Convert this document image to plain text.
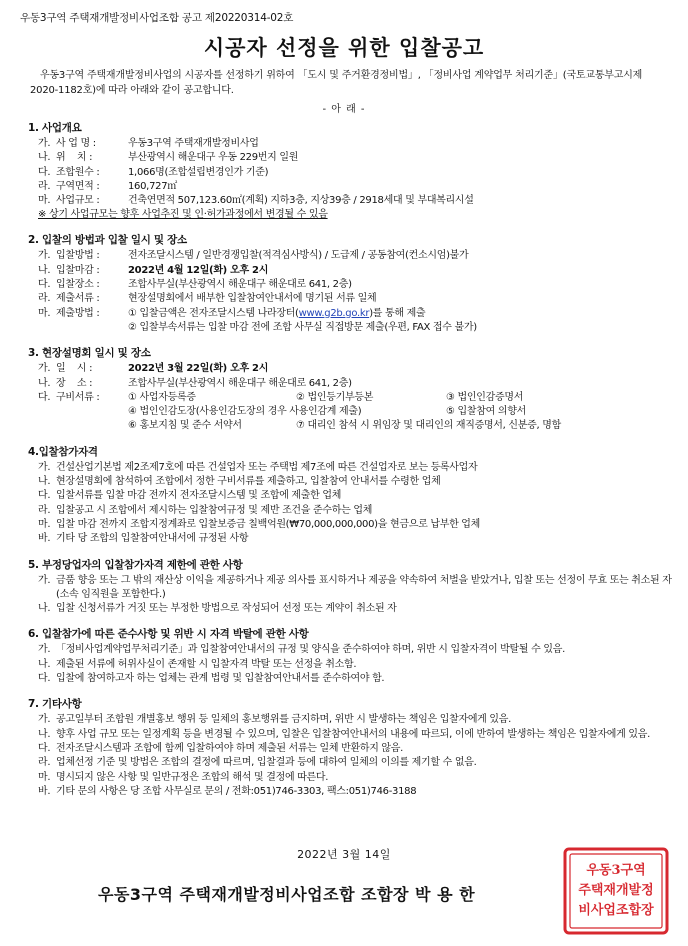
우동3구역 주택재개발정비사업조합 공고 제20220314-02호
시공자 선정을 위한 입찰공고
우동3구역 주택재개발정비사업의 시공자를 선정하기 위하여 「도시 및 주거환경정비법」, 「정비사업 계약업무 처리기준」(국토교통부고시제2020-1182호)에 따라 아래와 같이 공고합니다.
- 아 래 -
1. 사업개요
가. 사 업 명 :	우동3구역 주택재개발정비사업
나. 위    치 :	부산광역시 해운대구 우동 229번지 일원
다. 조합원수 :	1,066명(조합설립변경인가 기준)
라. 구역면적 :	160,727㎡
마. 사업규모 :	건축연면적 507,123.60㎡(계획) 지하3층, 지상39층 / 2918세대 및 부대복리시설
※ 상기 사업규모는 향후 사업추진 및 인·허가과정에서 변경될 수 있음
2. 입찰의 방법과 입찰 일시 및 장소
가. 입찰방법 :	전자조달시스템 / 일반경쟁입찰(적격심사방식) / 도급제 / 공동참여(컨소시엄)불가
나. 입찰마감 :	2022년 4월 12일(화) 오후 2시
다. 입찰장소 :	조합사무실(부산광역시 해운대구 해운대로 641, 2층)
라. 제출서류 :	현장설명회에서 배부한 입찰참여안내서에 명기된 서류 일체
마. 제출방법 :	① 입찰금액은 전자조달시스템 나라장터(www.g2b.go.kr)를 통해 제출
② 입찰부속서류는 입찰 마감 전에 조합 사무실 직접방문 제출(우편, FAX 접수 불가)
3. 현장설명회 일시 및 장소
가. 일    시 :	2022년 3월 22일(화) 오후 2시
나. 장    소 :	조합사무실(부산광역시 해운대구 해운대로 641, 2층)
다. 구비서류 :	① 사업자등록증	② 법인등기부등본	③ 법인인감증명서
④ 법인인감도장(사용인감도장의 경우 사용인감계 제출)	⑤ 입찰참여 의향서
⑥ 홍보지침 및 준수 서약서	⑦ 대리인 참석 시 위임장 및 대리인의 재직증명서, 신분증, 명함
4.입찰참가자격
가. 건설산업기본법 제2조제7호에 따른 건설업자 또는 주택법 제7조에 따른 건설업자로 보는 등록사업자
나. 현장설명회에 참석하여 조합에서 정한 구비서류를 제출하고, 입찰참여 안내서를 수령한 업체
다. 입찰서류를 입찰 마감 전까지 전자조달시스템 및 조합에 제출한 업체
라. 입찰공고 시 조합에서 제시하는 입찰참여규정 및 제반 조건을 준수하는 업체
마. 입찰 마감 전까지 조합지정계좌로 입찰보증금 칠백억원(₩70,000,000,000)을 현금으로 납부한 업체
바. 기타 당 조합의 입찰참여안내서에 규정된 사항
5. 부정당업자의 입찰참가자격 제한에 관한 사항
가. 금품 향응 또는 그 밖의 재산상 이익을 제공하거나 제공 의사를 표시하거나 제공을 약속하여 처벌을 받았거나, 입찰 또는 선정이 무효 또는 취소된 자(소속 임직원을 포함한다.)
나. 입찰 신청서류가 거짓 또는 부정한 방법으로 작성되어 선정 또는 계약이 취소된 자
6. 입찰참가에 따른 준수사항 및 위반 시 자격 박탈에 관한 사항
가. 「정비사업계약업무처리기준」과 입찰참여안내서의 규정 및 양식을 준수하여야 하며, 위반 시 입찰자격이 박탈될 수 있음.
나. 제출된 서류에 허위사실이 존재할 시 입찰자격 박탈 또는 선정을 취소함.
다. 입찰에 참여하고자 하는 업체는 관계 법령 및 입찰참여안내서를 준수하여야 함.
7. 기타사항
가. 공고일부터 조합원 개별홍보 행위 등 일체의 홍보행위를 금지하며, 위반 시 발생하는 책임은 입찰자에게 있음.
나. 향후 사업 규모 또는 일정계획 등을 변경될 수 있으며, 입찰은 입찰참여안내서의 내용에 따르되, 이에 반하여 발생하는 책임은 입찰자에게 있음.
다. 전자조달시스템과 조합에 함께 입찰하여야 하며 제출된 서류는 일체 반환하지 않음.
라. 업체선정 기준 및 방법은 조합의 결정에 따르며, 입찰결과 등에 대하여 일체의 이의를 제기할 수 없음.
마. 명시되지 않은 사항 및 일반규정은 조합의 해석 및 결정에 따른다.
바. 기타 문의 사항은 당 조합 사무실로 문의 / 전화:051)746-3303, 팩스:051)746-3188
2022년 3월 14일
우동3구역 주택재개발정비사업조합 조합장 박 용 한
우동3구역
주택재개발정
비사업조합장
